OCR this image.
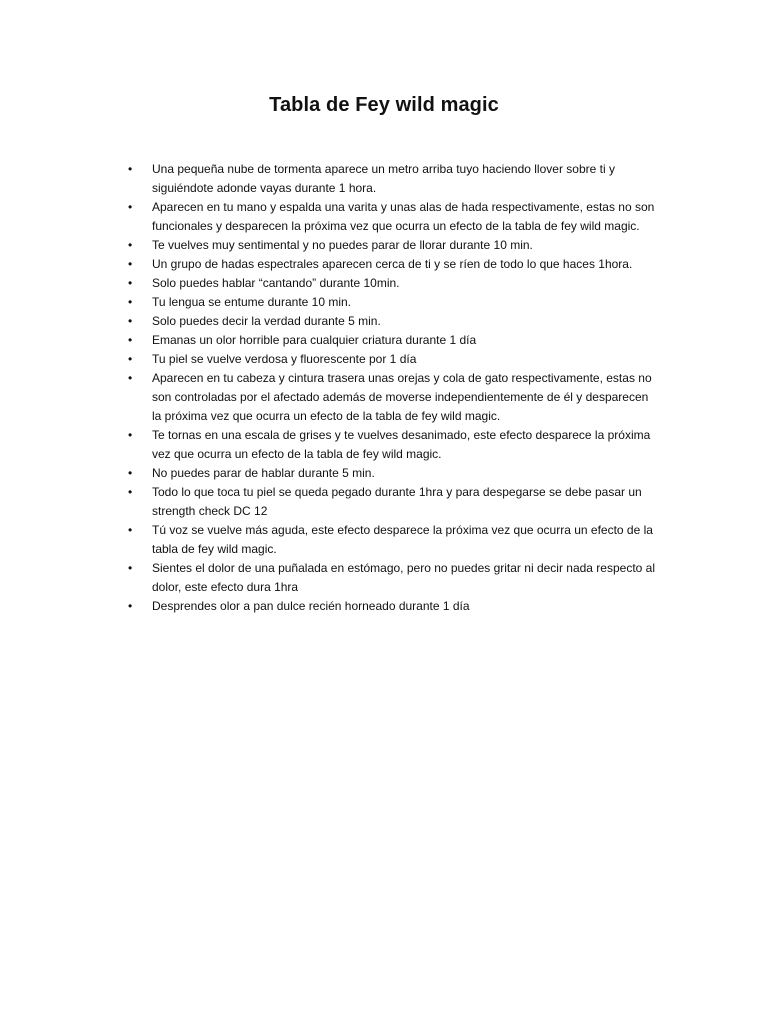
Tabla de Fey wild magic
• Una pequeña nube de tormenta aparece un metro arriba tuyo haciendo llover sobre ti y siguiéndote adonde vayas durante 1 hora.
• Aparecen en tu mano y espalda una varita y unas alas de hada respectivamente, estas no son funcionales y desparecen la próxima vez que ocurra un efecto de la tabla de fey wild magic.
• Te vuelves muy sentimental y no puedes parar de llorar durante 10 min.
• Un grupo de hadas espectrales aparecen cerca de ti y se ríen de todo lo que haces 1hora.
• Solo puedes hablar “cantando” durante 10min.
• Tu lengua se entume durante 10 min.
• Solo puedes decir la verdad durante 5 min.
• Emanas un olor horrible para cualquier criatura durante 1 día
• Tu piel se vuelve verdosa y fluorescente por 1 día
• Aparecen en tu cabeza y cintura trasera unas orejas y cola de gato respectivamente, estas no son controladas por el afectado además de moverse independientemente de él y desparecen la próxima vez que ocurra un efecto de la tabla de fey wild magic.
• Te tornas en una escala de grises y te vuelves desanimado, este efecto desparece la próxima vez que ocurra un efecto de la tabla de fey wild magic.
• No puedes parar de hablar durante 5 min.
• Todo lo que toca tu piel se queda pegado durante 1hra y para despegarse se debe pasar un strength check DC 12
• Tú voz se vuelve más aguda, este efecto desparece la próxima vez que ocurra un efecto de la tabla de fey wild magic.
• Sientes el dolor de una puñalada en estómago, pero no puedes gritar ni decir nada respecto al dolor, este efecto dura 1hra
• Desprendes olor a pan dulce recién horneado durante 1 día
